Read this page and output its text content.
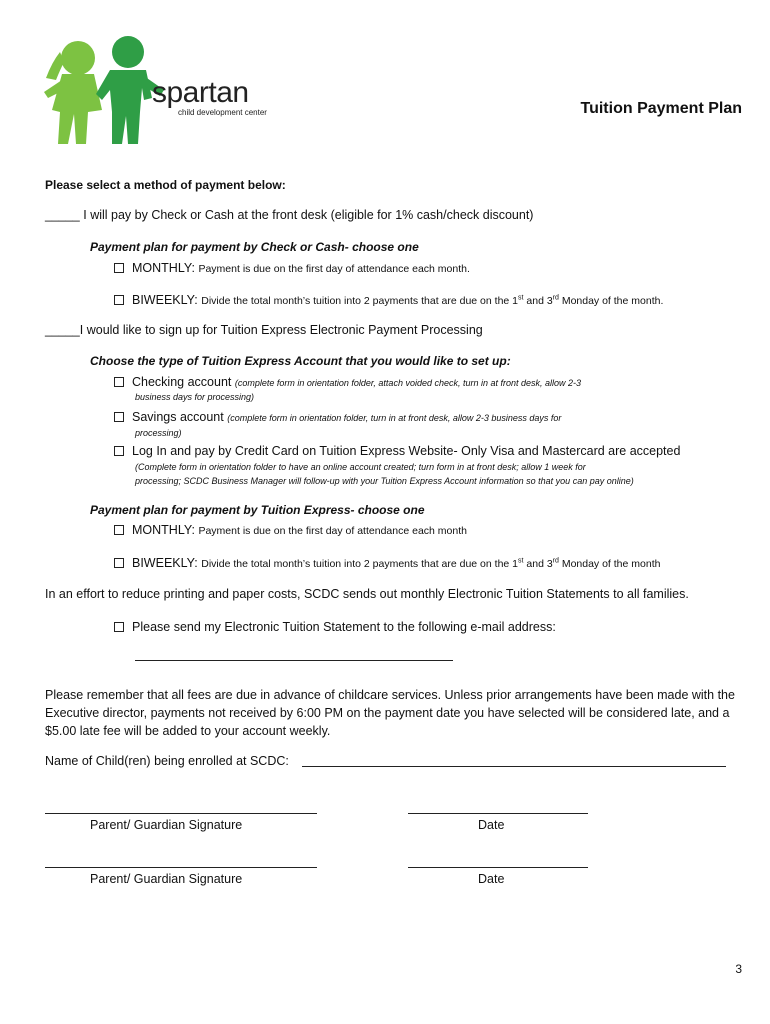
spartan
child development center	Tuition Payment Plan
Please select a method of payment below:
_____ I will pay by Check or Cash at the front desk (eligible for 1% cash/check discount)
Payment plan for payment by Check or Cash- choose one
MONTHLY: Payment is due on the first day of attendance each month.
BIWEEKLY: Divide the total month’s tuition into 2 payments that are due on the 1st and 3rd Monday of the month.
_____I would like to sign up for Tuition Express Electronic Payment Processing
Choose the type of Tuition Express Account that you would like to set up:
Checking account (complete form in orientation folder, attach voided check, turn in at front desk, allow 2-3
business days for processing)
Savings account (complete form in orientation folder, turn in at front desk, allow 2-3 business days for
processing)
Log In and pay by Credit Card on Tuition Express Website- Only Visa and Mastercard are accepted
(Complete form in orientation folder to have an online account created; turn form in at front desk; allow 1 week for
processing; SCDC Business Manager will follow-up with your Tuition Express Account information so that you can pay online)
Payment plan for payment by Tuition Express- choose one
MONTHLY: Payment is due on the first day of attendance each month
BIWEEKLY: Divide the total month’s tuition into 2 payments that are due on the 1st and 3rd Monday of the month
In an effort to reduce printing and paper costs, SCDC sends out monthly Electronic Tuition Statements to all families.
Please send my Electronic Tuition Statement to the following e-mail address:
Please remember that all fees are due in advance of childcare services. Unless prior arrangements have been made with the Executive director, payments not received by 6:00 PM on the payment date you have selected will be considered late, and a $5.00 late fee will be added to your account weekly.
Name of Child(ren) being enrolled at SCDC:
Parent/ Guardian Signature	Date
Parent/ Guardian Signature	Date
3
